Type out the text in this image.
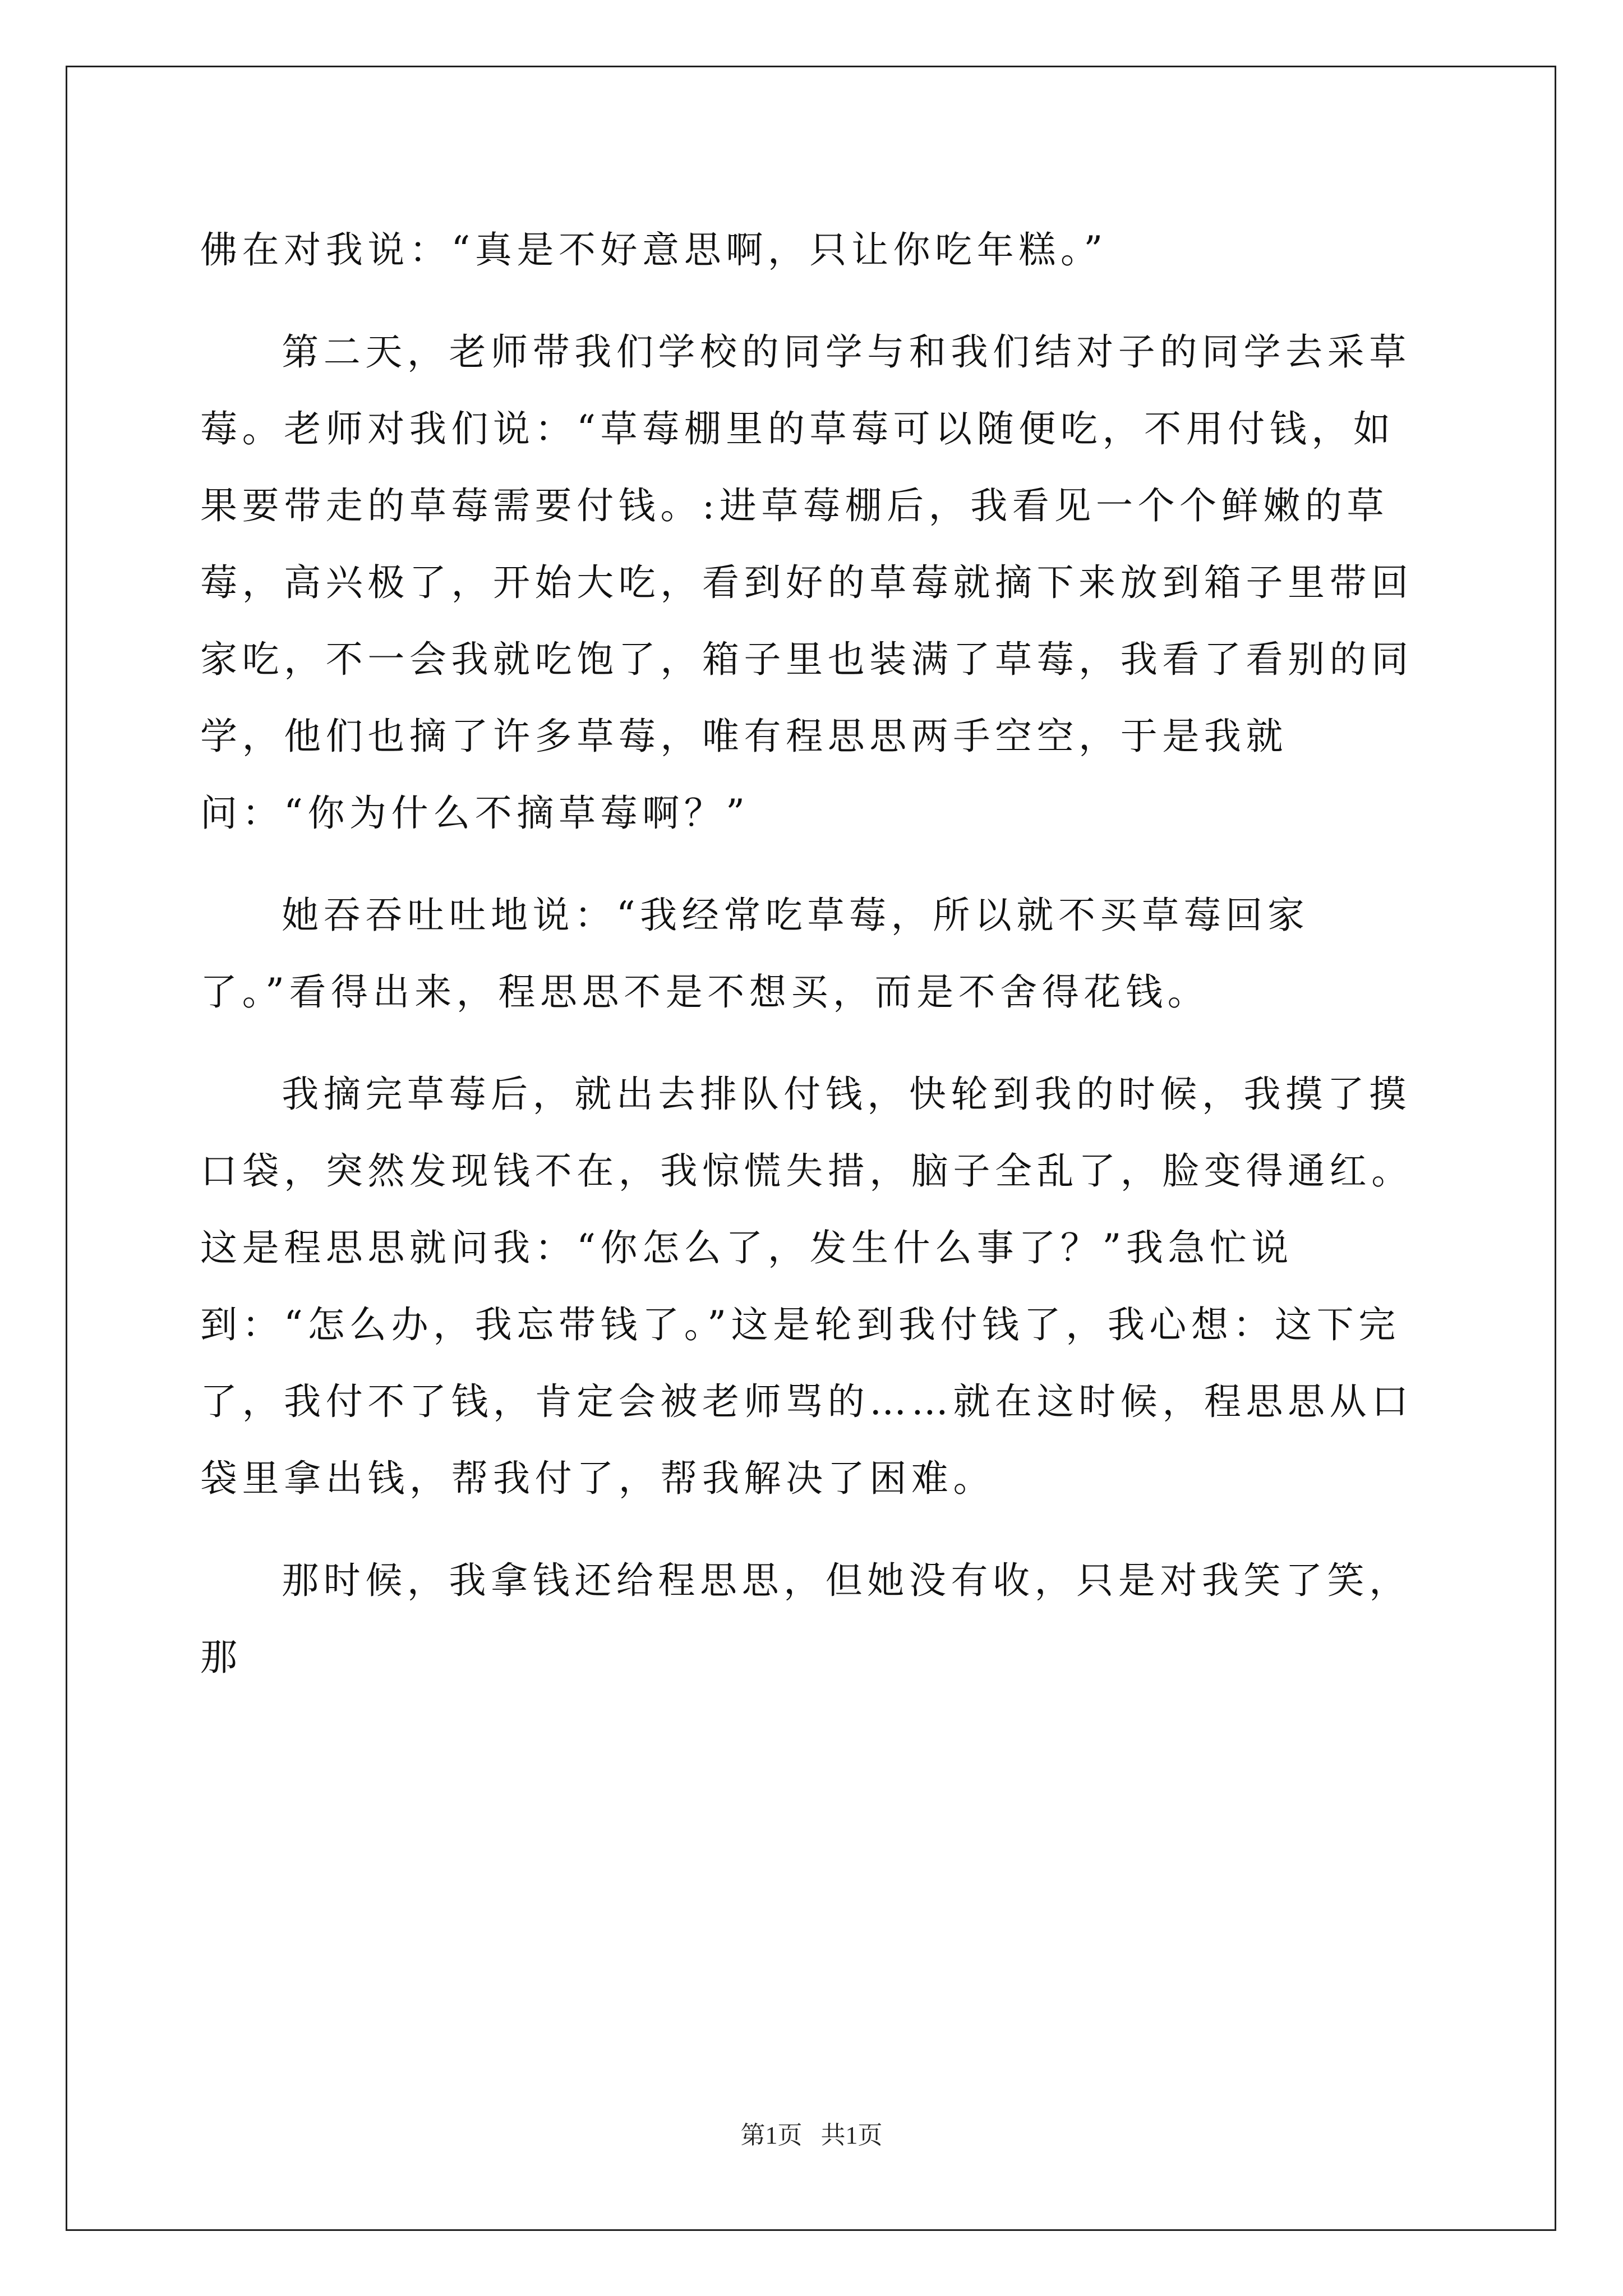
佛在对我说：“真是不好意思啊，只让你吃年糕。”

第二天，老师带我们学校的同学与和我们结对子的同学去采草莓。老师对我们说：“草莓棚里的草莓可以随便吃，不用付钱，如果要带走的草莓需要付钱。:进草莓棚后，我看见一个个鲜嫩的草莓，高兴极了，开始大吃，看到好的草莓就摘下来放到箱子里带回家吃，不一会我就吃饱了，箱子里也装满了草莓，我看了看别的同学，他们也摘了许多草莓，唯有程思思两手空空，于是我就问：“你为什么不摘草莓啊？”

她吞吞吐吐地说：“我经常吃草莓，所以就不买草莓回家了。”看得出来，程思思不是不想买，而是不舍得花钱。

我摘完草莓后，就出去排队付钱，快轮到我的时候，我摸了摸口袋，突然发现钱不在，我惊慌失措，脑子全乱了，脸变得通红。这是程思思就问我：“你怎么了，发生什么事了？”我急忙说到：“怎么办，我忘带钱了。”这是轮到我付钱了，我心想：这下完了，我付不了钱，肯定会被老师骂的……就在这时候，程思思从口袋里拿出钱，帮我付了，帮我解决了困难。

那时候，我拿钱还给程思思，但她没有收，只是对我笑了笑，那

第1页   共1页
